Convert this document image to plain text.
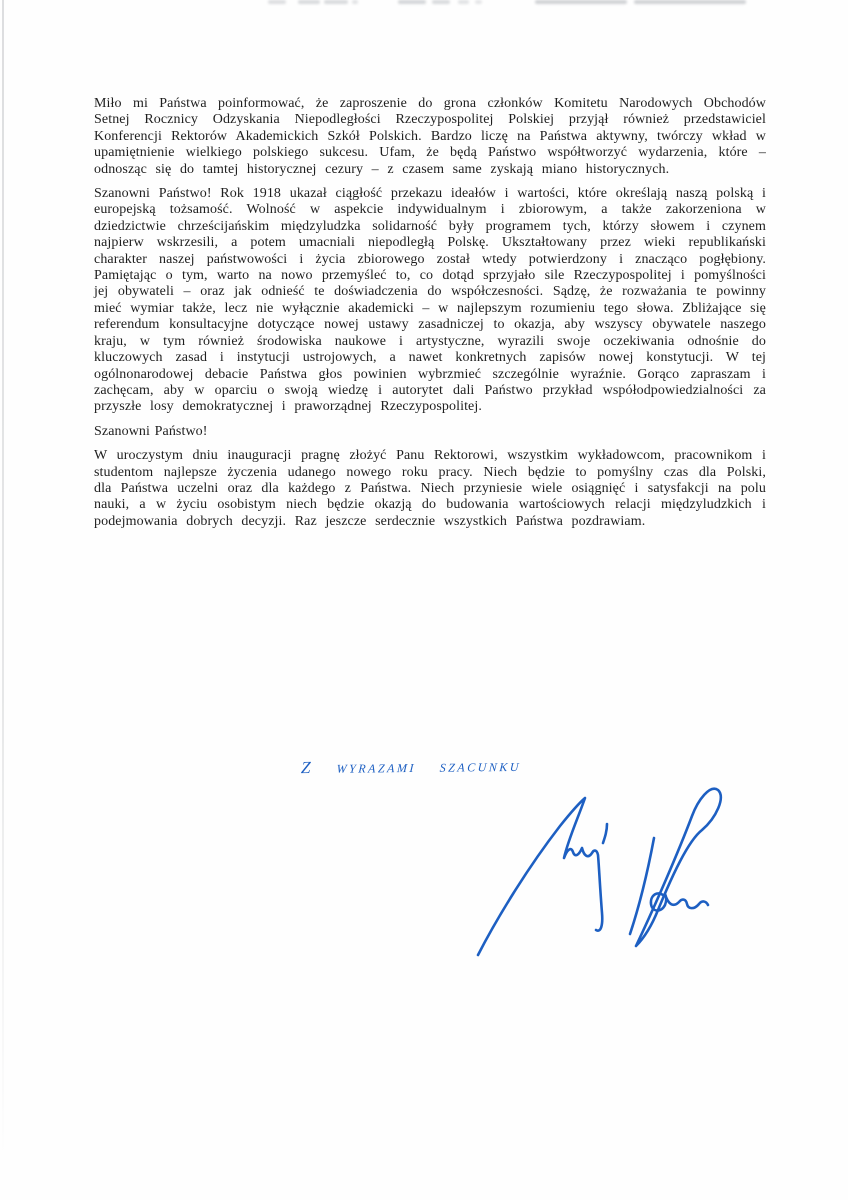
Miło mi Państwa poinformować, że zaproszenie do grona członków Komitetu Narodowych Obchodów Setnej Rocznicy Odzyskania Niepodległości Rzeczypospolitej Polskiej przyjął również przedstawiciel Konferencji Rektorów Akademickich Szkół Polskich. Bardzo liczę na Państwa aktywny, twórczy wkład w upamiętnienie wielkiego polskiego sukcesu. Ufam, że będą Państwo współtworzyć wydarzenia, które – odnosząc się do tamtej historycznej cezury – z czasem same zyskają miano historycznych.

Szanowni Państwo! Rok 1918 ukazał ciągłość przekazu ideałów i wartości, które określają naszą polską i europejską tożsamość. Wolność w aspekcie indywidualnym i zbiorowym, a także zakorzeniona w dziedzictwie chrześcijańskim międzyludzka solidarność były programem tych, którzy słowem i czynem najpierw wskrzesili, a potem umacniali niepodległą Polskę. Ukształtowany przez wieki republikański charakter naszej państwowości i życia zbiorowego został wtedy potwierdzony i znacząco pogłębiony. Pamiętając o tym, warto na nowo przemyśleć to, co dotąd sprzyjało sile Rzeczypospolitej i pomyślności jej obywateli – oraz jak odnieść te doświadczenia do współczesności. Sądzę, że rozważania te powinny mieć wymiar także, lecz nie wyłącznie akademicki – w najlepszym rozumieniu tego słowa. Zbliżające się referendum konsultacyjne dotyczące nowej ustawy zasadniczej to okazja, aby wszyscy obywatele naszego kraju, w tym również środowiska naukowe i artystyczne, wyrazili swoje oczekiwania odnośnie do kluczowych zasad i instytucji ustrojowych, a nawet konkretnych zapisów nowej konstytucji. W tej ogólnonarodowej debacie Państwa głos powinien wybrzmieć szczególnie wyraźnie. Gorąco zapraszam i zachęcam, aby w oparciu o swoją wiedzę i autorytet dali Państwo przykład współodpowiedzialności za przyszłe losy demokratycznej i praworządnej Rzeczypospolitej.

Szanowni Państwo!

W uroczystym dniu inauguracji pragnę złożyć Panu Rektorowi, wszystkim wykładowcom, pracownikom i studentom najlepsze życzenia udanego nowego roku pracy. Niech będzie to pomyślny czas dla Polski, dla Państwa uczelni oraz dla każdego z Państwa. Niech przyniesie wiele osiągnięć i satysfakcji na polu nauki, a w życiu osobistym niech będzie okazją do budowania wartościowych relacji międzyludzkich i podejmowania dobrych decyzji. Raz jeszcze serdecznie wszystkich Państwa pozdrawiam.

Z wyrazami szacunku
